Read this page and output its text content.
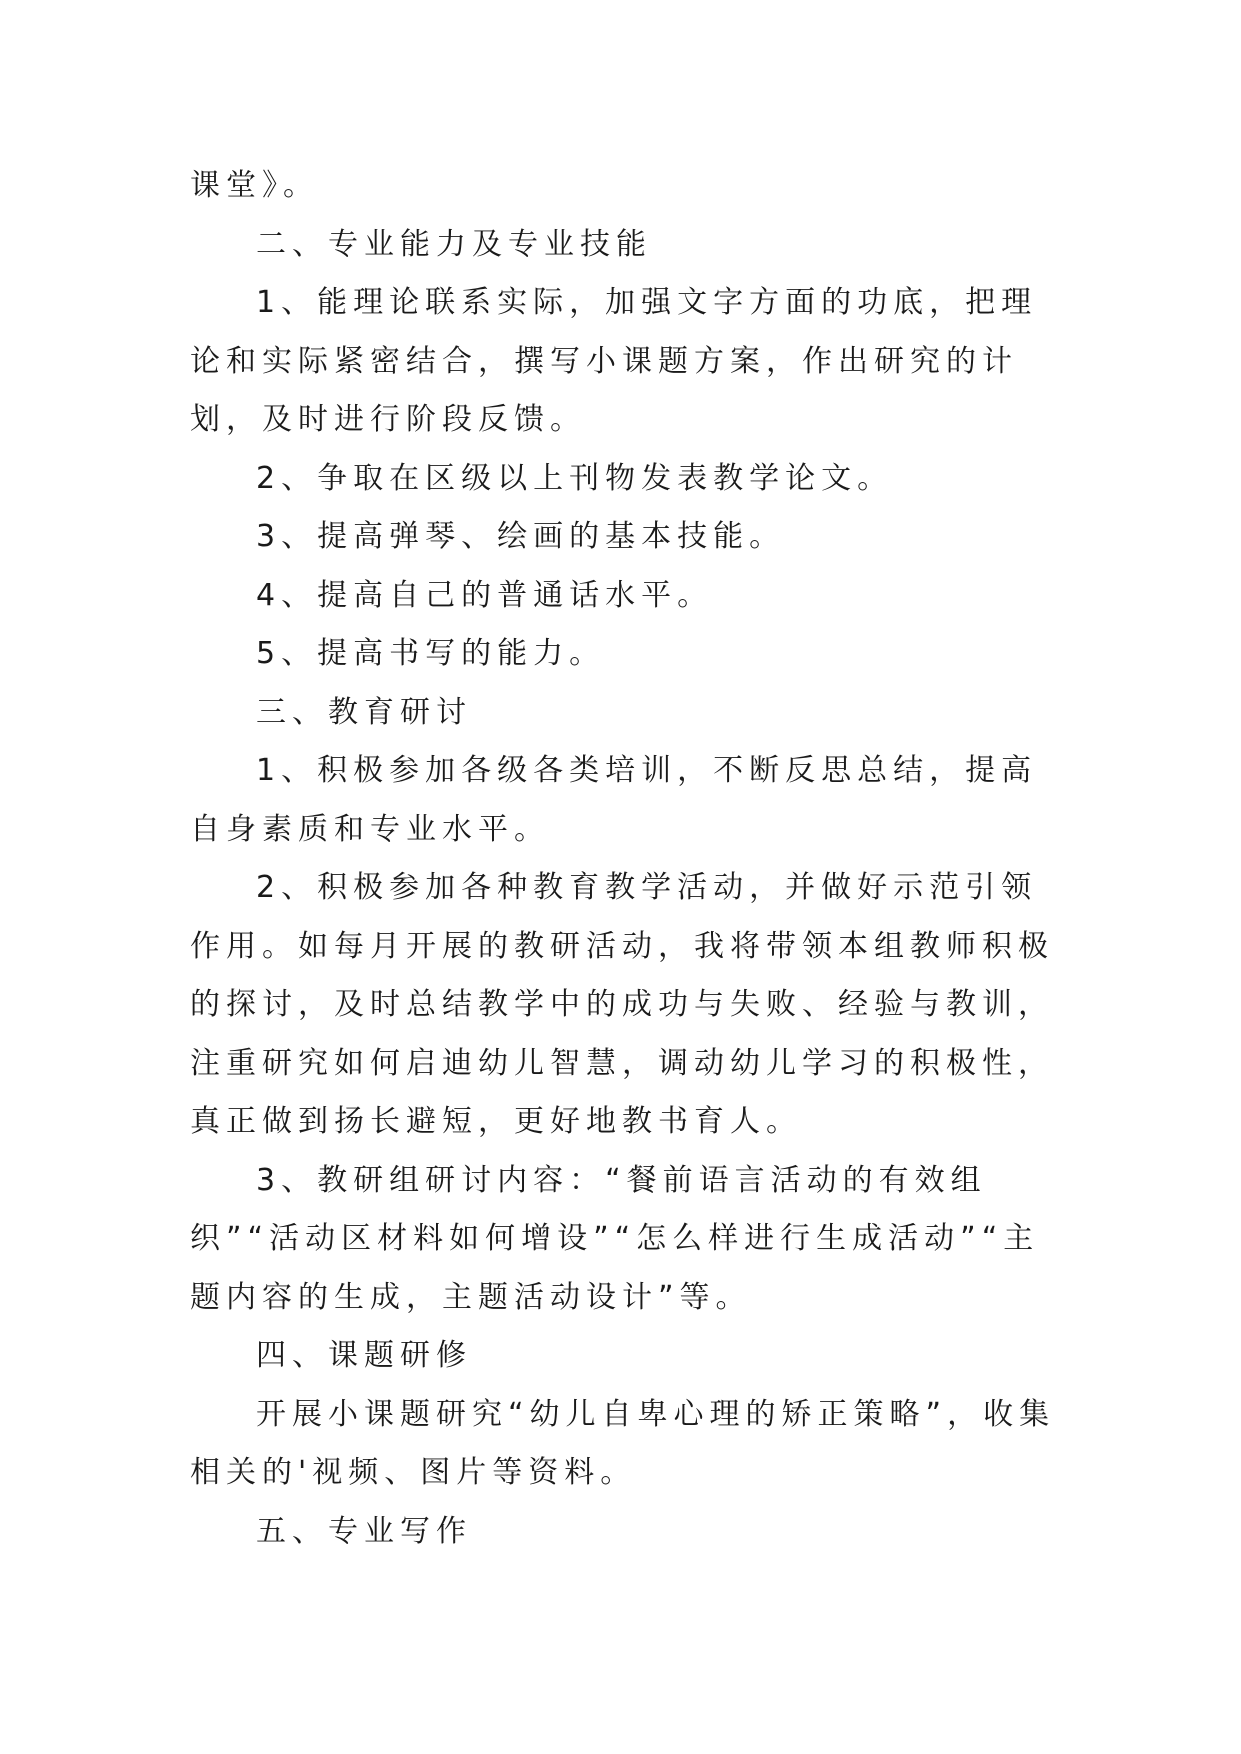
课堂》。

二、专业能力及专业技能

1、能理论联系实际，加强文字方面的功底，把理论和实际紧密结合，撰写小课题方案，作出研究的计划，及时进行阶段反馈。

2、争取在区级以上刊物发表教学论文。

3、提高弹琴、绘画的基本技能。

4、提高自己的普通话水平。

5、提高书写的能力。

三、教育研讨

1、积极参加各级各类培训，不断反思总结，提高自身素质和专业水平。

2、积极参加各种教育教学活动，并做好示范引领作用。如每月开展的教研活动，我将带领本组教师积极的探讨，及时总结教学中的成功与失败、经验与教训，注重研究如何启迪幼儿智慧，调动幼儿学习的积极性，真正做到扬长避短，更好地教书育人。

3、教研组研讨内容：“餐前语言活动的有效组织”“活动区材料如何增设”“怎么样进行生成活动”“主题内容的生成，主题活动设计”等。

四、课题研修

开展小课题研究“幼儿自卑心理的矫正策略”，收集相关的'视频、图片等资料。

五、专业写作
